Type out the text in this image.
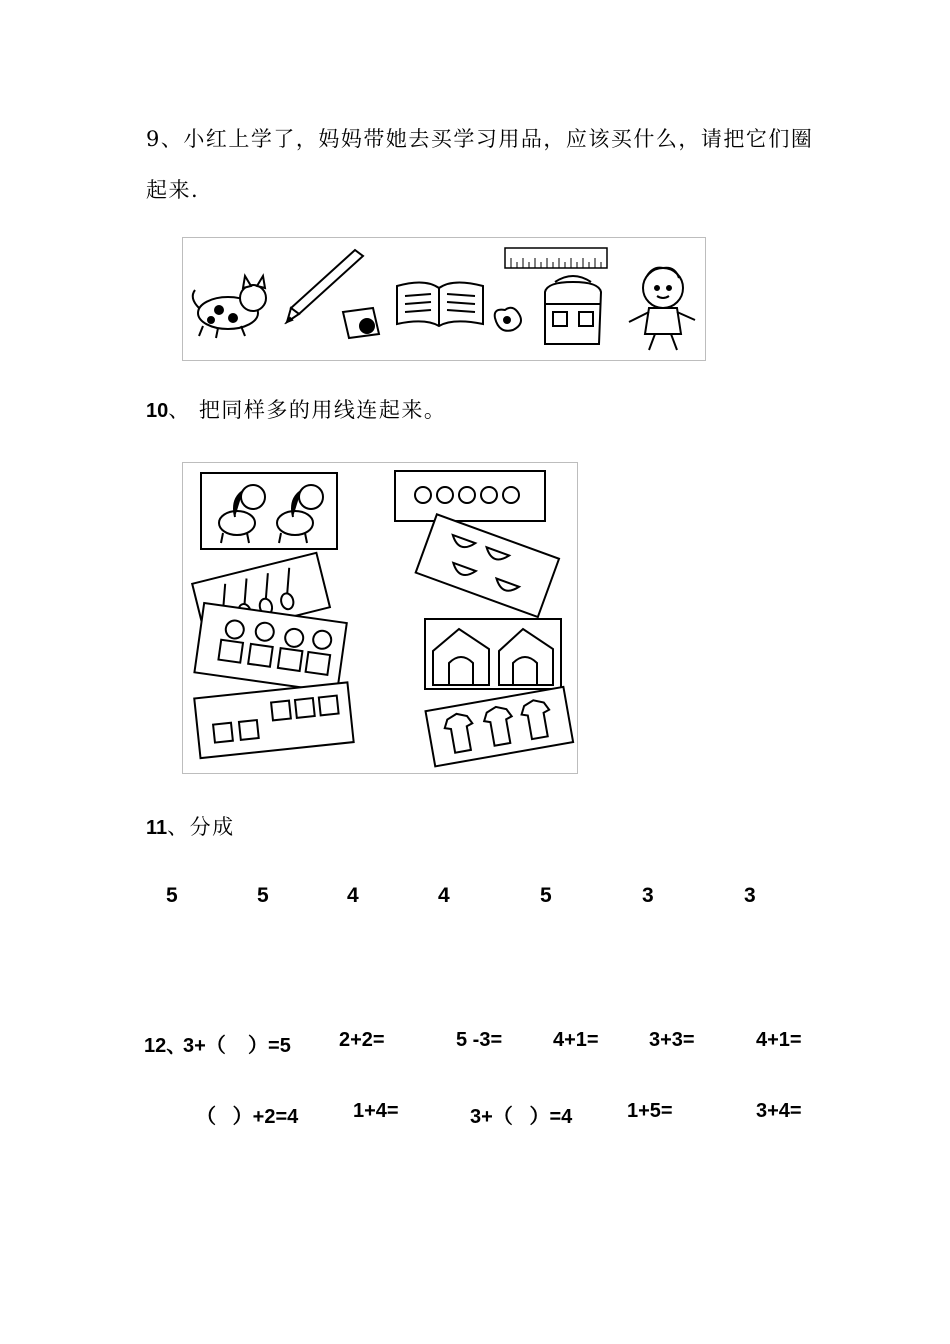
9、小红上学了，妈妈带她去买学习用品，应该买什么，请把它们圈
起来.
10、 把同样多的用线连起来。
11、分成
5	5	4	4	5	3	3
12、
3+（    ）=5 2+2=	5 -3=	4+1=	3+3=	4+1=
（   ）+2=4	1+4=	3+（   ）=4	1+5=	3+4=
